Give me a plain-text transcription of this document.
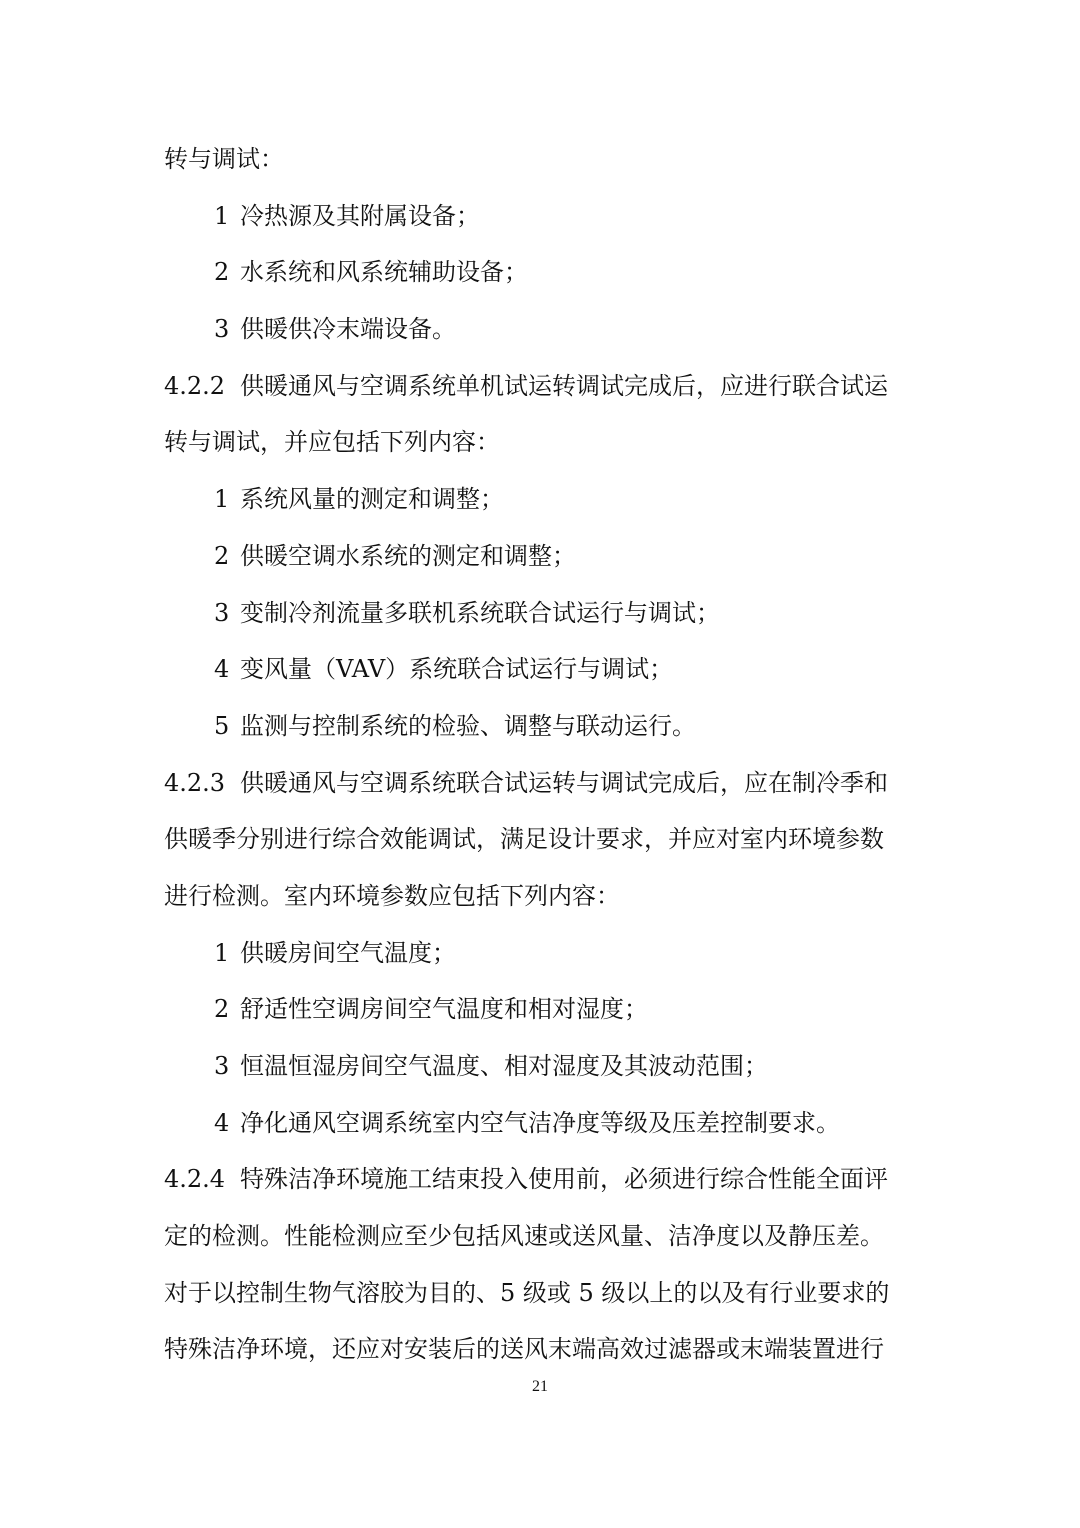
转与调试：
1 冷热源及其附属设备；
2 水系统和风系统辅助设备；
3 供暖供冷末端设备。
4.2.2 供暖通风与空调系统单机试运转调试完成后，应进行联合试运
转与调试，并应包括下列内容：
1 系统风量的测定和调整；
2 供暖空调水系统的测定和调整；
3 变制冷剂流量多联机系统联合试运行与调试；
4 变风量（VAV）系统联合试运行与调试；
5 监测与控制系统的检验、调整与联动运行。
4.2.3 供暖通风与空调系统联合试运转与调试完成后，应在制冷季和
供暖季分别进行综合效能调试，满足设计要求，并应对室内环境参数
进行检测。室内环境参数应包括下列内容：
1 供暖房间空气温度；
2 舒适性空调房间空气温度和相对湿度；
3 恒温恒湿房间空气温度、相对湿度及其波动范围；
4 净化通风空调系统室内空气洁净度等级及压差控制要求。
4.2.4 特殊洁净环境施工结束投入使用前，必须进行综合性能全面评
定的检测。性能检测应至少包括风速或送风量、洁净度以及静压差。
对于以控制生物气溶胶为目的、5 级或 5 级以上的以及有行业要求的
特殊洁净环境，还应对安装后的送风末端高效过滤器或末端装置进行
21
